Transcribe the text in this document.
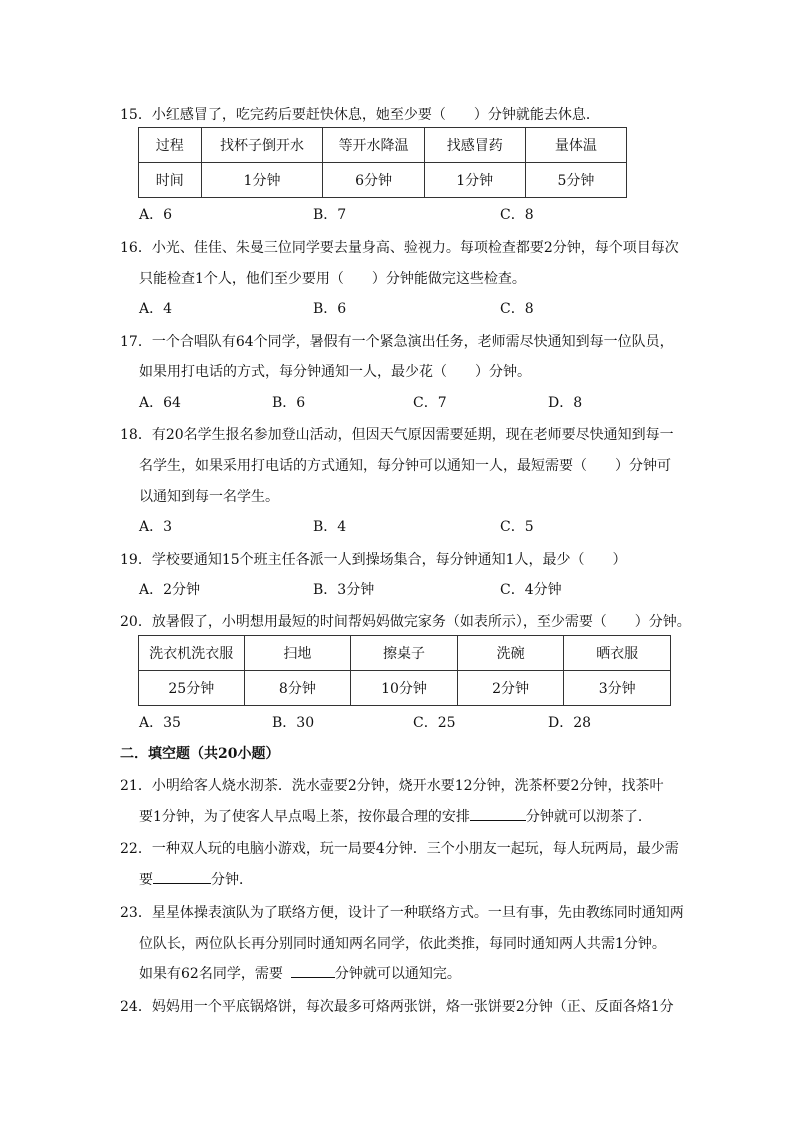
15．小红感冒了，吃完药后要赶快休息，她至少要（　　）分钟就能去休息．
过程	找杯子倒开水	等开水降温	找感冒药	量体温
时间	1分钟	6分钟	1分钟	5分钟
A．6	B．7	C．8
16．小光、佳佳、朱曼三位同学要去量身高、验视力。每项检查都要2分钟，每个项目每次
只能检查1个人，他们至少要用（　　）分钟能做完这些检查。
A．4	B．6	C．8
17．一个合唱队有64个同学，暑假有一个紧急演出任务，老师需尽快通知到每一位队员，
如果用打电话的方式，每分钟通知一人，最少花（　　）分钟。
A．64	B．6	C．7	D．8
18．有20名学生报名参加登山活动，但因天气原因需要延期，现在老师要尽快通知到每一
名学生，如果采用打电话的方式通知，每分钟可以通知一人，最短需要（　　）分钟可
以通知到每一名学生。
A．3	B．4	C．5
19．学校要通知15个班主任各派一人到操场集合，每分钟通知1人，最少（　　）
A．2分钟	B．3分钟	C．4分钟
20．放暑假了，小明想用最短的时间帮妈妈做完家务（如表所示），至少需要（　　）分钟。
洗衣机洗衣服	扫地	擦桌子	洗碗	晒衣服
25分钟	8分钟	10分钟	2分钟	3分钟
A．35	B．30	C．25	D．28
二．填空题（共20小题）
21．小明给客人烧水沏茶．洗水壶要2分钟，烧开水要12分钟，洗茶杯要2分钟，找茶叶
要1分钟，为了使客人早点喝上茶，按你最合理的安排	分钟就可以沏茶了．
22．一种双人玩的电脑小游戏，玩一局要4分钟．三个小朋友一起玩，每人玩两局，最少需
要	分钟．
23．星星体操表演队为了联络方便，设计了一种联络方式。一旦有事，先由教练同时通知两
位队长，两位队长再分别同时通知两名同学，依此类推，每同时通知两人共需1分钟。
如果有62名同学，需要	分钟就可以通知完。
24．妈妈用一个平底锅烙饼，每次最多可烙两张饼，烙一张饼要2分钟（正、反面各烙1分
